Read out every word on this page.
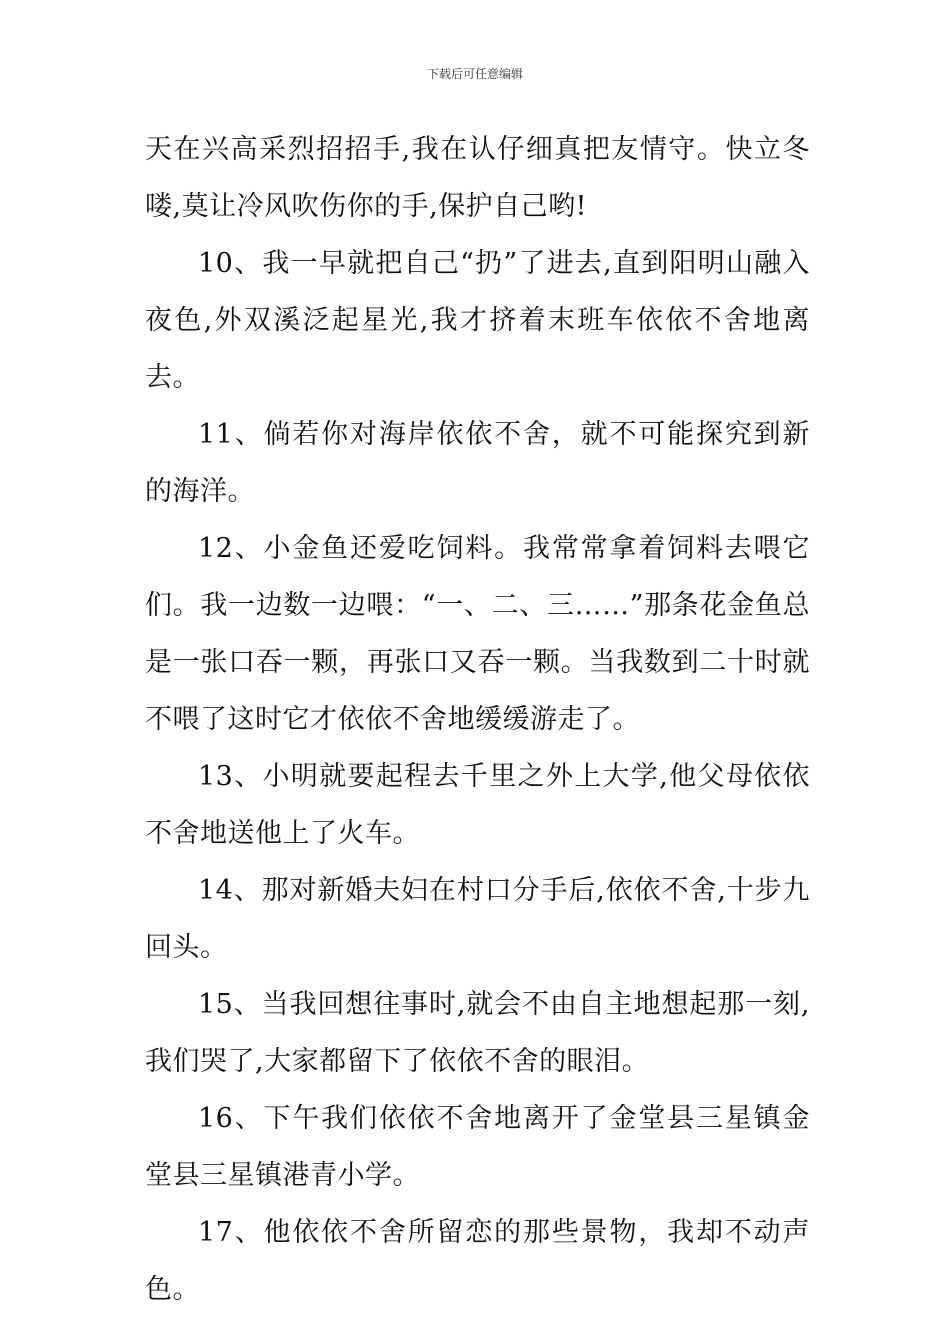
下载后可任意编辑

天在兴高采烈招招手,我在认仔细真把友情守。快立冬喽,莫让冷风吹伤你的手,保护自己哟!

10、我一早就把自己“扔”了进去,直到阳明山融入夜色,外双溪泛起星光,我才挤着末班车依依不舍地离去。

11、倘若你对海岸依依不舍，就不可能探究到新的海洋。

12、小金鱼还爱吃饲料。我常常拿着饲料去喂它们。我一边数一边喂：“一、二、三……”那条花金鱼总是一张口吞一颗，再张口又吞一颗。当我数到二十时就不喂了这时它才依依不舍地缓缓游走了。

13、小明就要起程去千里之外上大学,他父母依依不舍地送他上了火车。

14、那对新婚夫妇在村口分手后,依依不舍,十步九回头。

15、当我回想往事时,就会不由自主地想起那一刻,我们哭了,大家都留下了依依不舍的眼泪。

16、下午我们依依不舍地离开了金堂县三星镇金堂县三星镇港青小学。

17、他依依不舍所留恋的那些景物，我却不动声色。
